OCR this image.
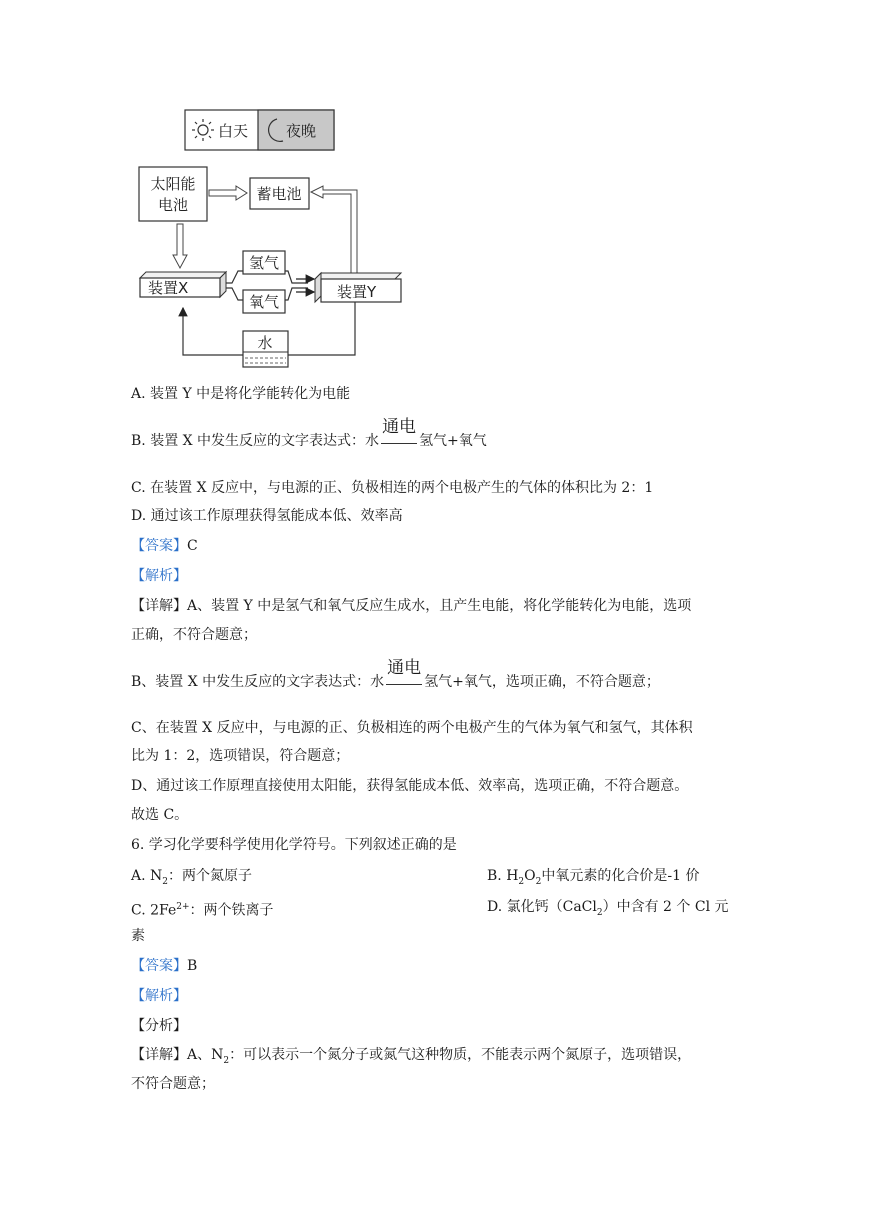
白天	夜晚
太阳能
电池
蓄电池
装置X	装置Y
氢气
氧气
水
A. 装置 Y 中是将化学能转化为电能
B. 装置 X 中发生反应的文字表达式：水
通电
氢气+氧气
C. 在装置 X 反应中，与电源的正、负极相连的两个电极产生的气体的体积比为 2：1
D. 通过该工作原理获得氢能成本低、效率高
【答案】C
【解析】
【详解】A、装置 Y 中是氢气和氧气反应生成水，且产生电能，将化学能转化为电能，选项
正确，不符合题意；
B、装置 X 中发生反应的文字表达式：水
通电
氢气+氧气，选项正确，不符合题意；
C、在装置 X 反应中，与电源的正、负极相连的两个电极产生的气体为氧气和氢气，其体积
比为 1：2，选项错误，符合题意；
D、通过该工作原理直接使用太阳能，获得氢能成本低、效率高，选项正确，不符合题意。
故选 C。
6. 学习化学要科学使用化学符号。下列叙述正确的是
A. $N_2$：两个氮原子	B. $H_2O_2$中氧元素的化合价是-1 价
C. $2Fe^{2+}$：两个铁离子	D. 氯化钙（CaCl$_2$）中含有 2 个 Cl 元
素
【答案】B
【解析】
【分析】
【详解】A、$N_2$：可以表示一个氮分子或氮气这种物质，不能表示两个氮原子，选项错误，
不符合题意；
